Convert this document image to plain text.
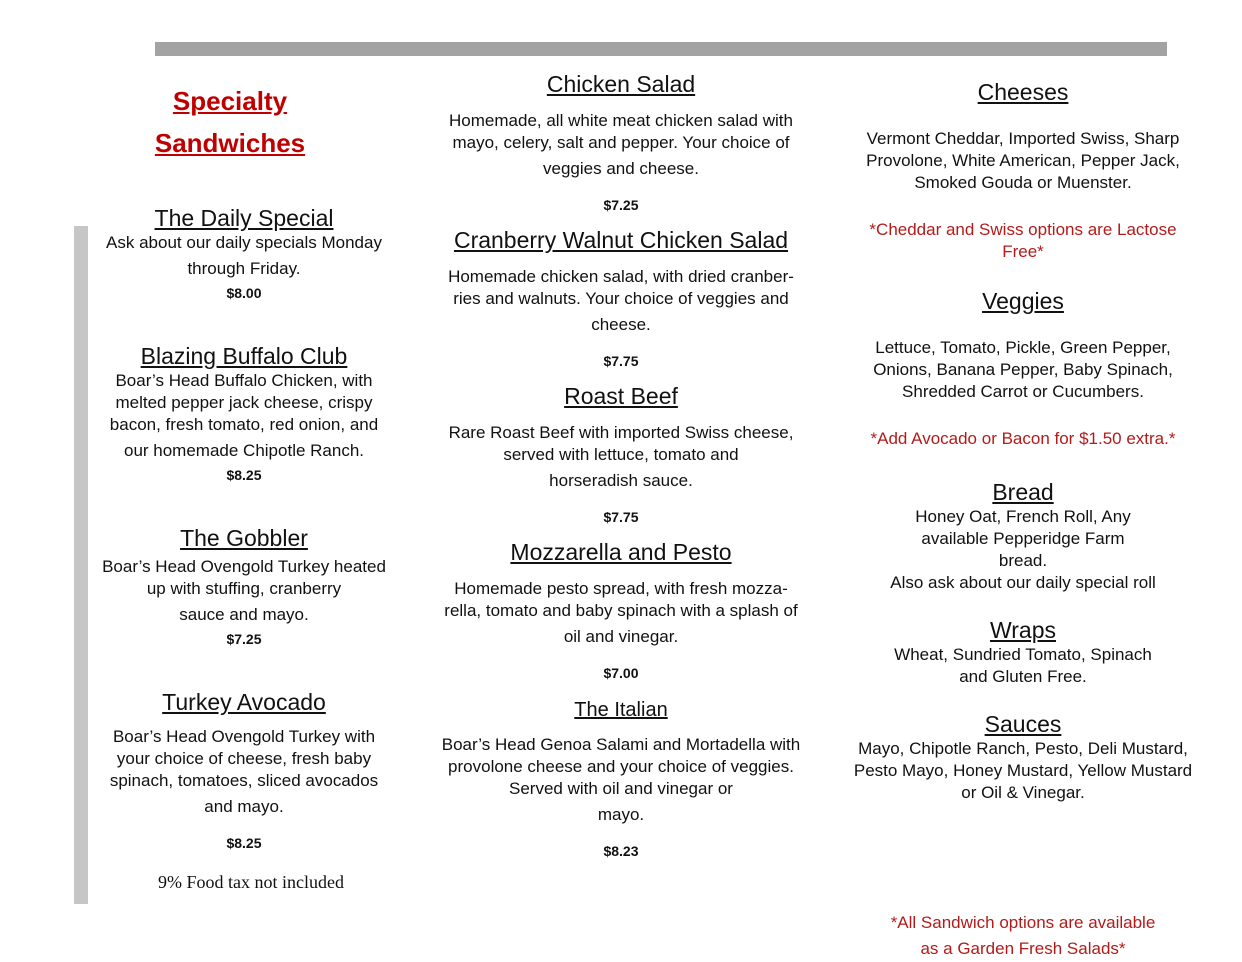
Specialty
Sandwiches
The Daily Special

Ask about our daily specials Monday
through Friday.

$8.00

Blazing Buffalo Club

Boar’s Head Buffalo Chicken, with melted pepper jack cheese, crispy bacon, fresh tomato, red onion, and
our homemade Chipotle Ranch.

$8.25

The Gobbler

Boar’s Head Ovengold Turkey heated up with stuffing, cranberry
sauce and mayo.

$7.25

Turkey Avocado

Boar’s Head Ovengold Turkey with your choice of cheese, fresh baby spinach, tomatoes, sliced avocados
and mayo.

$8.25

9% Food tax not included

Chicken Salad

Homemade, all white meat chicken salad with mayo, celery, salt and pepper. Your choice of
veggies and cheese.

$7.25

Cranberry Walnut Chicken Salad

Homemade chicken salad, with dried cranber-ries and walnuts. Your choice of veggies and
cheese.

$7.75

Roast Beef

Rare Roast Beef with imported Swiss cheese, served with lettuce, tomato and
horseradish sauce.

$7.75

Mozzarella and Pesto

Homemade pesto spread, with fresh mozza-rella, tomato and baby spinach with a splash of
oil and vinegar.

$7.00

The Italian

Boar’s Head Genoa Salami and Mortadella with provolone cheese and your choice of veggies. Served with oil and vinegar or
mayo.

$8.23

Cheeses

Vermont Cheddar, Imported Swiss, Sharp Provolone, White American, Pepper Jack, Smoked Gouda or Muenster.

*Cheddar and Swiss options are Lactose Free*

Veggies

Lettuce, Tomato, Pickle, Green Pepper, Onions, Banana Pepper, Baby Spinach, Shredded Carrot or Cucumbers.

*Add Avocado or Bacon for $1.50 extra.*

Bread

Honey Oat, French Roll, Any available Pepperidge Farm bread.

Also ask about our daily special roll

Wraps

Wheat, Sundried Tomato, Spinach and Gluten Free.

Sauces

Mayo, Chipotle Ranch, Pesto, Deli Mustard, Pesto Mayo, Honey Mustard, Yellow Mustard or Oil & Vinegar.

*All Sandwich options are available as a Garden Fresh Salads*
